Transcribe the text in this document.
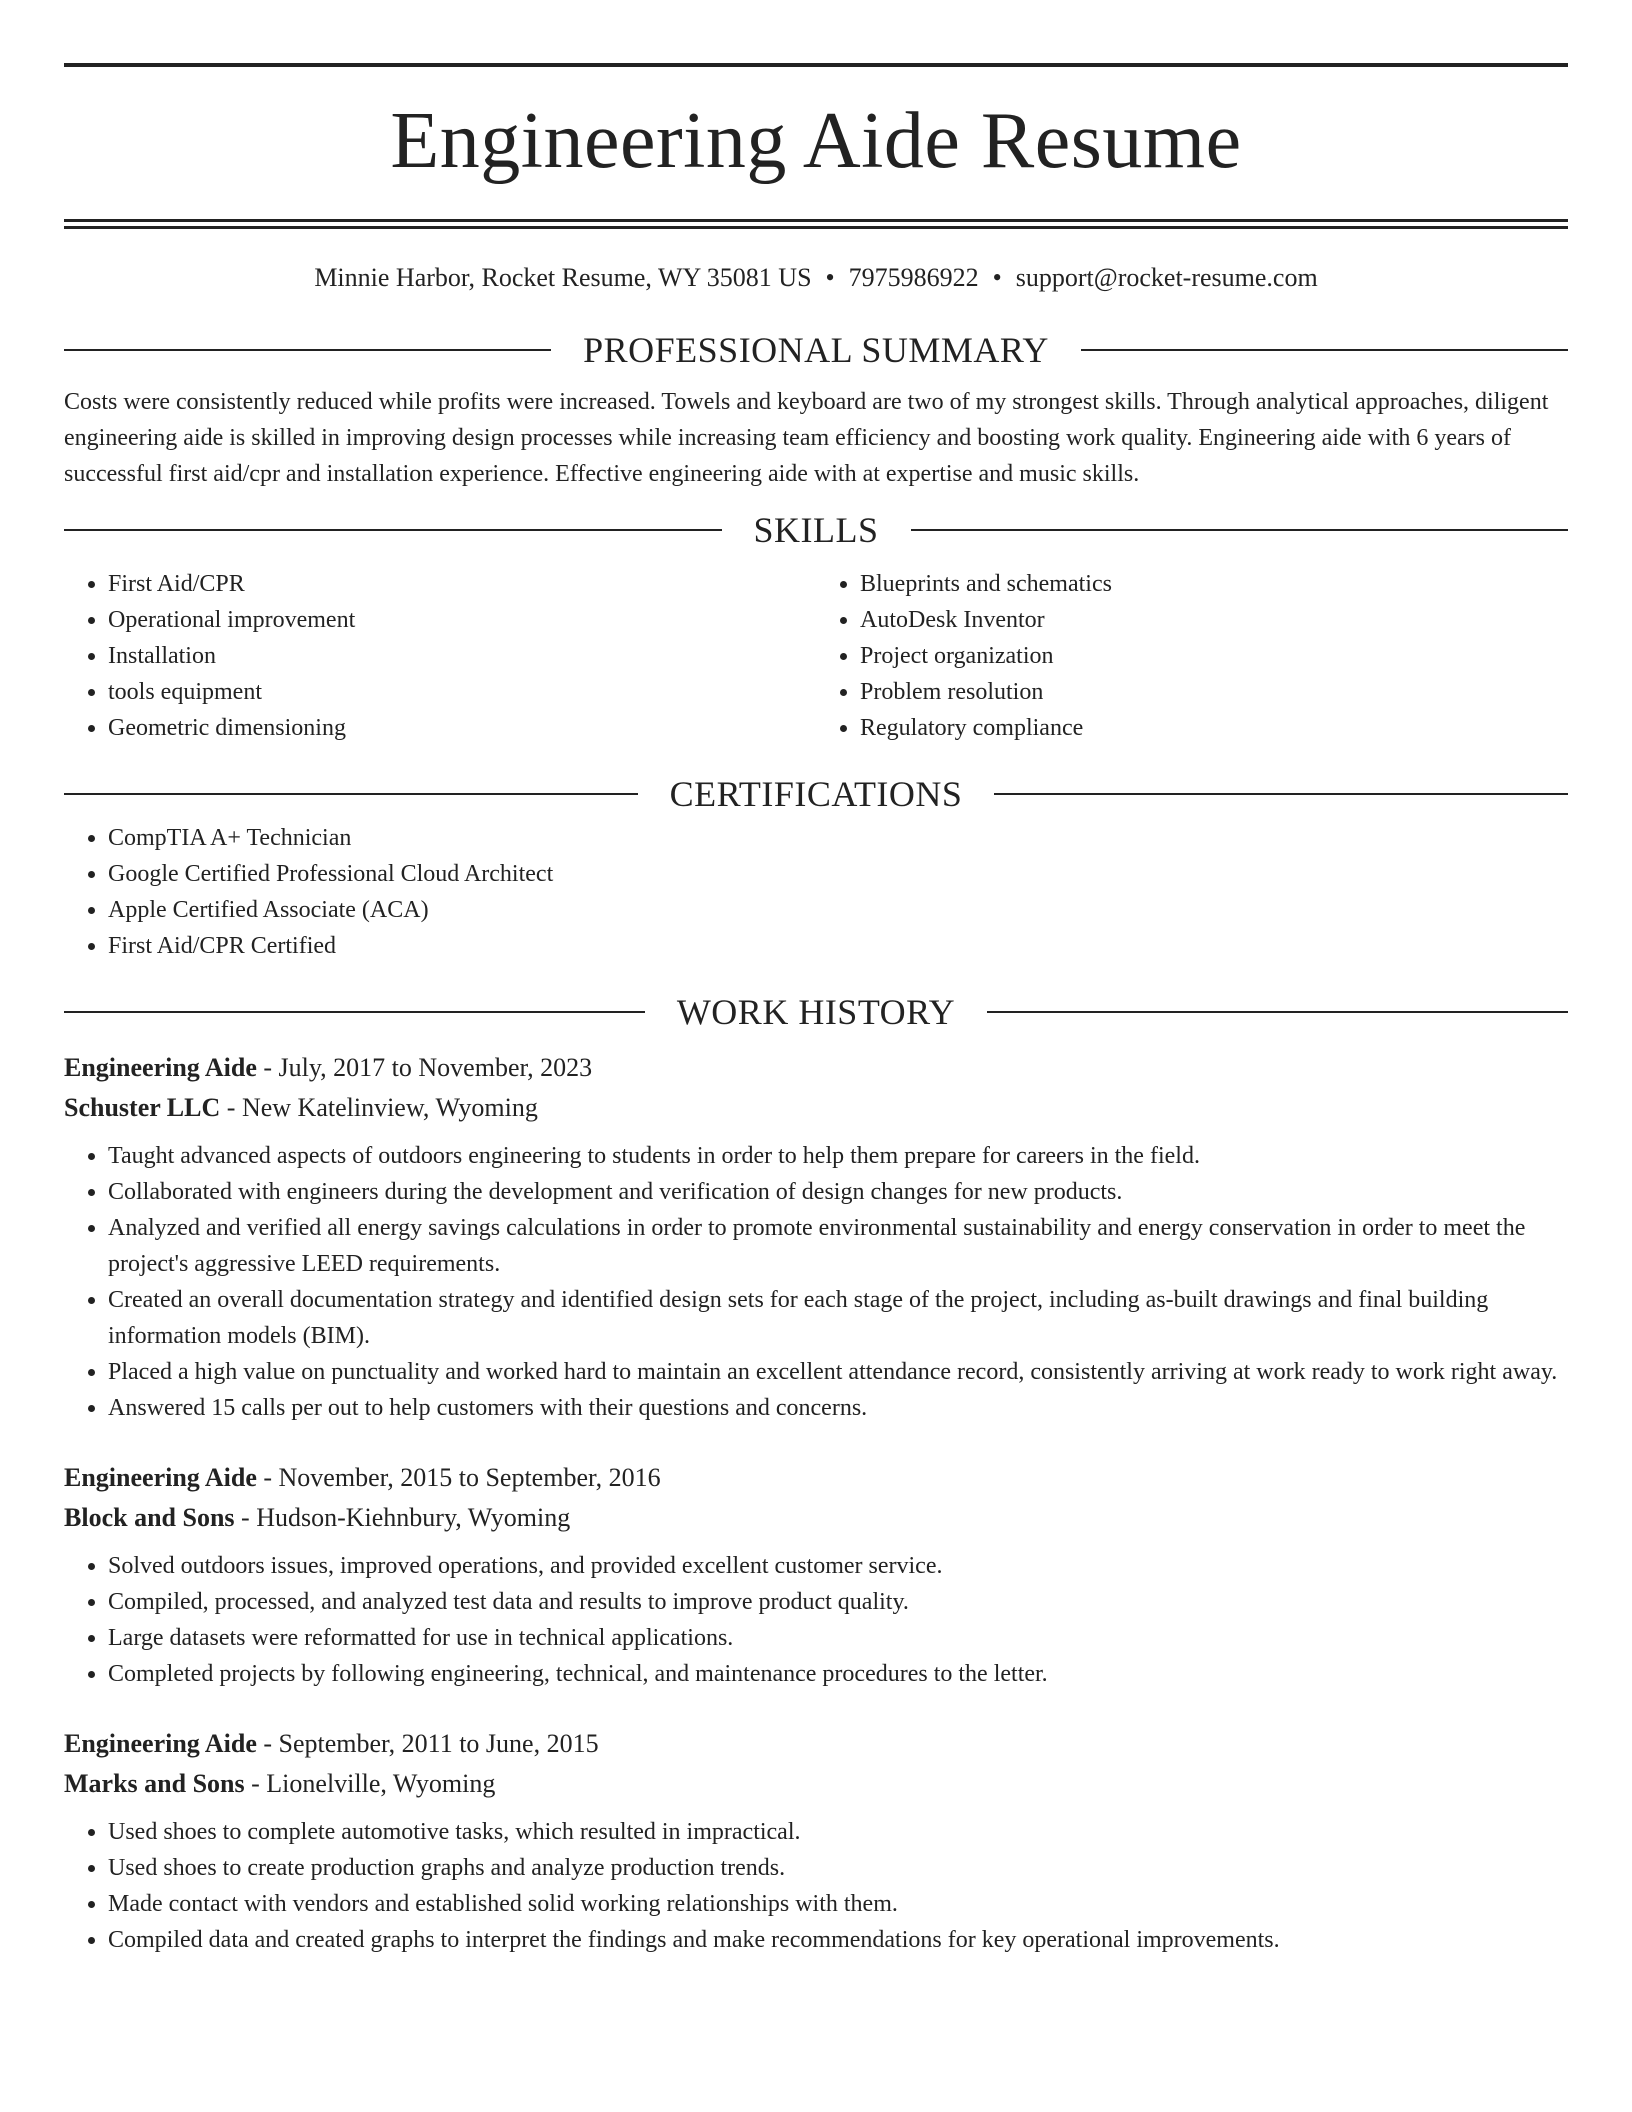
Engineering Aide Resume
Minnie Harbor, Rocket Resume, WY 35081 US • 7975986922 • support@rocket-resume.com
PROFESSIONAL SUMMARY

Costs were consistently reduced while profits were increased. Towels and keyboard are two of my strongest skills. Through analytical approaches, diligent engineering aide is skilled in improving design processes while increasing team efficiency and boosting work quality. Engineering aide with 6 years of successful first aid/cpr and installation experience. Effective engineering aide with at expertise and music skills.

SKILLS
• First Aid/CPR
• Operational improvement
• Installation
• tools equipment
• Geometric dimensioning
• Blueprints and schematics
• AutoDesk Inventor
• Project organization
• Problem resolution
• Regulatory compliance
CERTIFICATIONS
• CompTIA A+ Technician
• Google Certified Professional Cloud Architect
• Apple Certified Associate (ACA)
• First Aid/CPR Certified
WORK HISTORY
Engineering Aide - July, 2017 to November, 2023
Schuster LLC - New Katelinview, Wyoming
• Taught advanced aspects of outdoors engineering to students in order to help them prepare for careers in the field.
• Collaborated with engineers during the development and verification of design changes for new products.
• Analyzed and verified all energy savings calculations in order to promote environmental sustainability and energy conservation in order to meet the project's aggressive LEED requirements.
• Created an overall documentation strategy and identified design sets for each stage of the project, including as-built drawings and final building information models (BIM).
• Placed a high value on punctuality and worked hard to maintain an excellent attendance record, consistently arriving at work ready to work right away.
• Answered 15 calls per out to help customers with their questions and concerns.
Engineering Aide - November, 2015 to September, 2016
Block and Sons - Hudson-Kiehnbury, Wyoming
• Solved outdoors issues, improved operations, and provided excellent customer service.
• Compiled, processed, and analyzed test data and results to improve product quality.
• Large datasets were reformatted for use in technical applications.
• Completed projects by following engineering, technical, and maintenance procedures to the letter.
Engineering Aide - September, 2011 to June, 2015
Marks and Sons - Lionelville, Wyoming
• Used shoes to complete automotive tasks, which resulted in impractical.
• Used shoes to create production graphs and analyze production trends.
• Made contact with vendors and established solid working relationships with them.
• Compiled data and created graphs to interpret the findings and make recommendations for key operational improvements.
